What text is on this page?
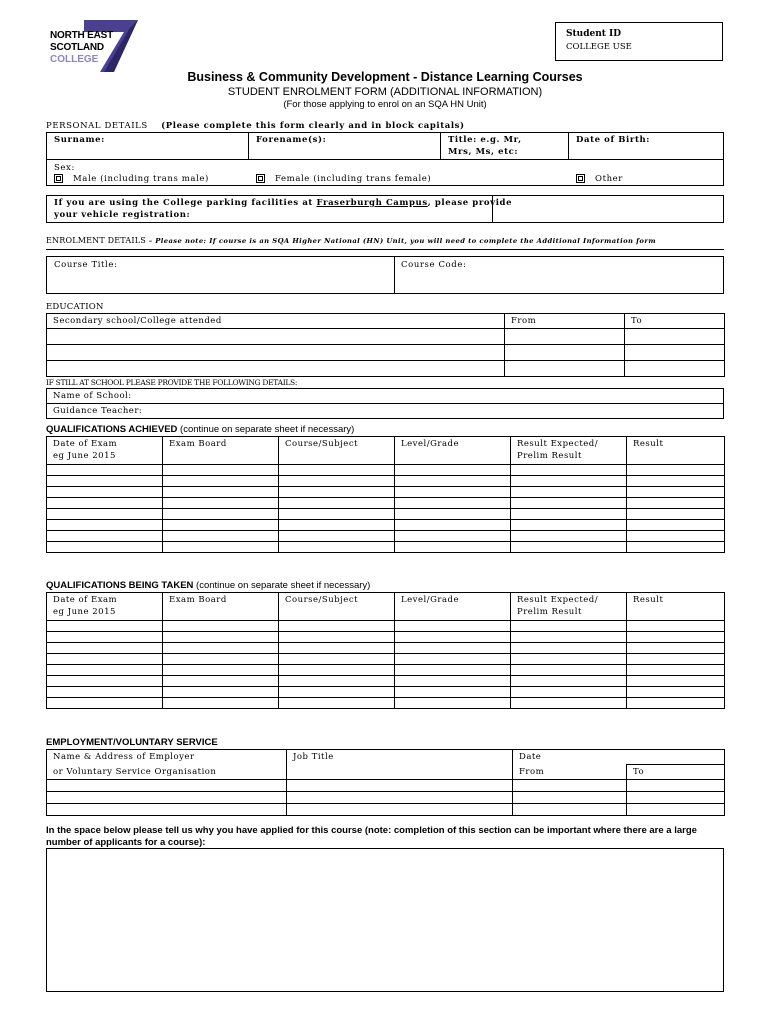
NORTH EAST
SCOTLAND
COLLEGE
Student ID
COLLEGE USE
Business & Community Development - Distance Learning Courses
STUDENT ENROLMENT FORM (ADDITIONAL INFORMATION)
(For those applying to enrol on an SQA HN Unit)
PERSONAL DETAILS (Please complete this form clearly and in block capitals)
Surname:	Forename(s):	Title: e.g. Mr,
Mrs, Ms, etc:
Date of Birth:
Sex:
Male (including trans male)	Female (including trans female)	Other
If you are using the College parking facilities at Fraserburgh Campus, please provide
your vehicle registration:
ENROLMENT DETAILS – Please note: If course is an SQA Higher National (HN) Unit, you will need to complete the Additional Information form
Course Title:	Course Code:
EDUCATION
Secondary school/College attended	From	To

IF STILL AT SCHOOL PLEASE PROVIDE THE FOLLOWING DETAILS:
Name of School:
Guidance Teacher:
QUALIFICATIONS ACHIEVED (continue on separate sheet if necessary)
Date of Exam
eg June 2015	Exam Board	Course/Subject	Level/Grade	Result Expected/
Prelim Result	Result

QUALIFICATIONS BEING TAKEN (continue on separate sheet if necessary)
Date of Exam
eg June 2015	Exam Board	Course/Subject	Level/Grade	Result Expected/
Prelim Result	Result

EMPLOYMENT/VOLUNTARY SERVICE
Name & Address of Employer	Job Title	Date	
or Voluntary Service Organisation		From	To

In the space below please tell us why you have applied for this course (note: completion of this section can be important where there are a large number of applicants for a course):
